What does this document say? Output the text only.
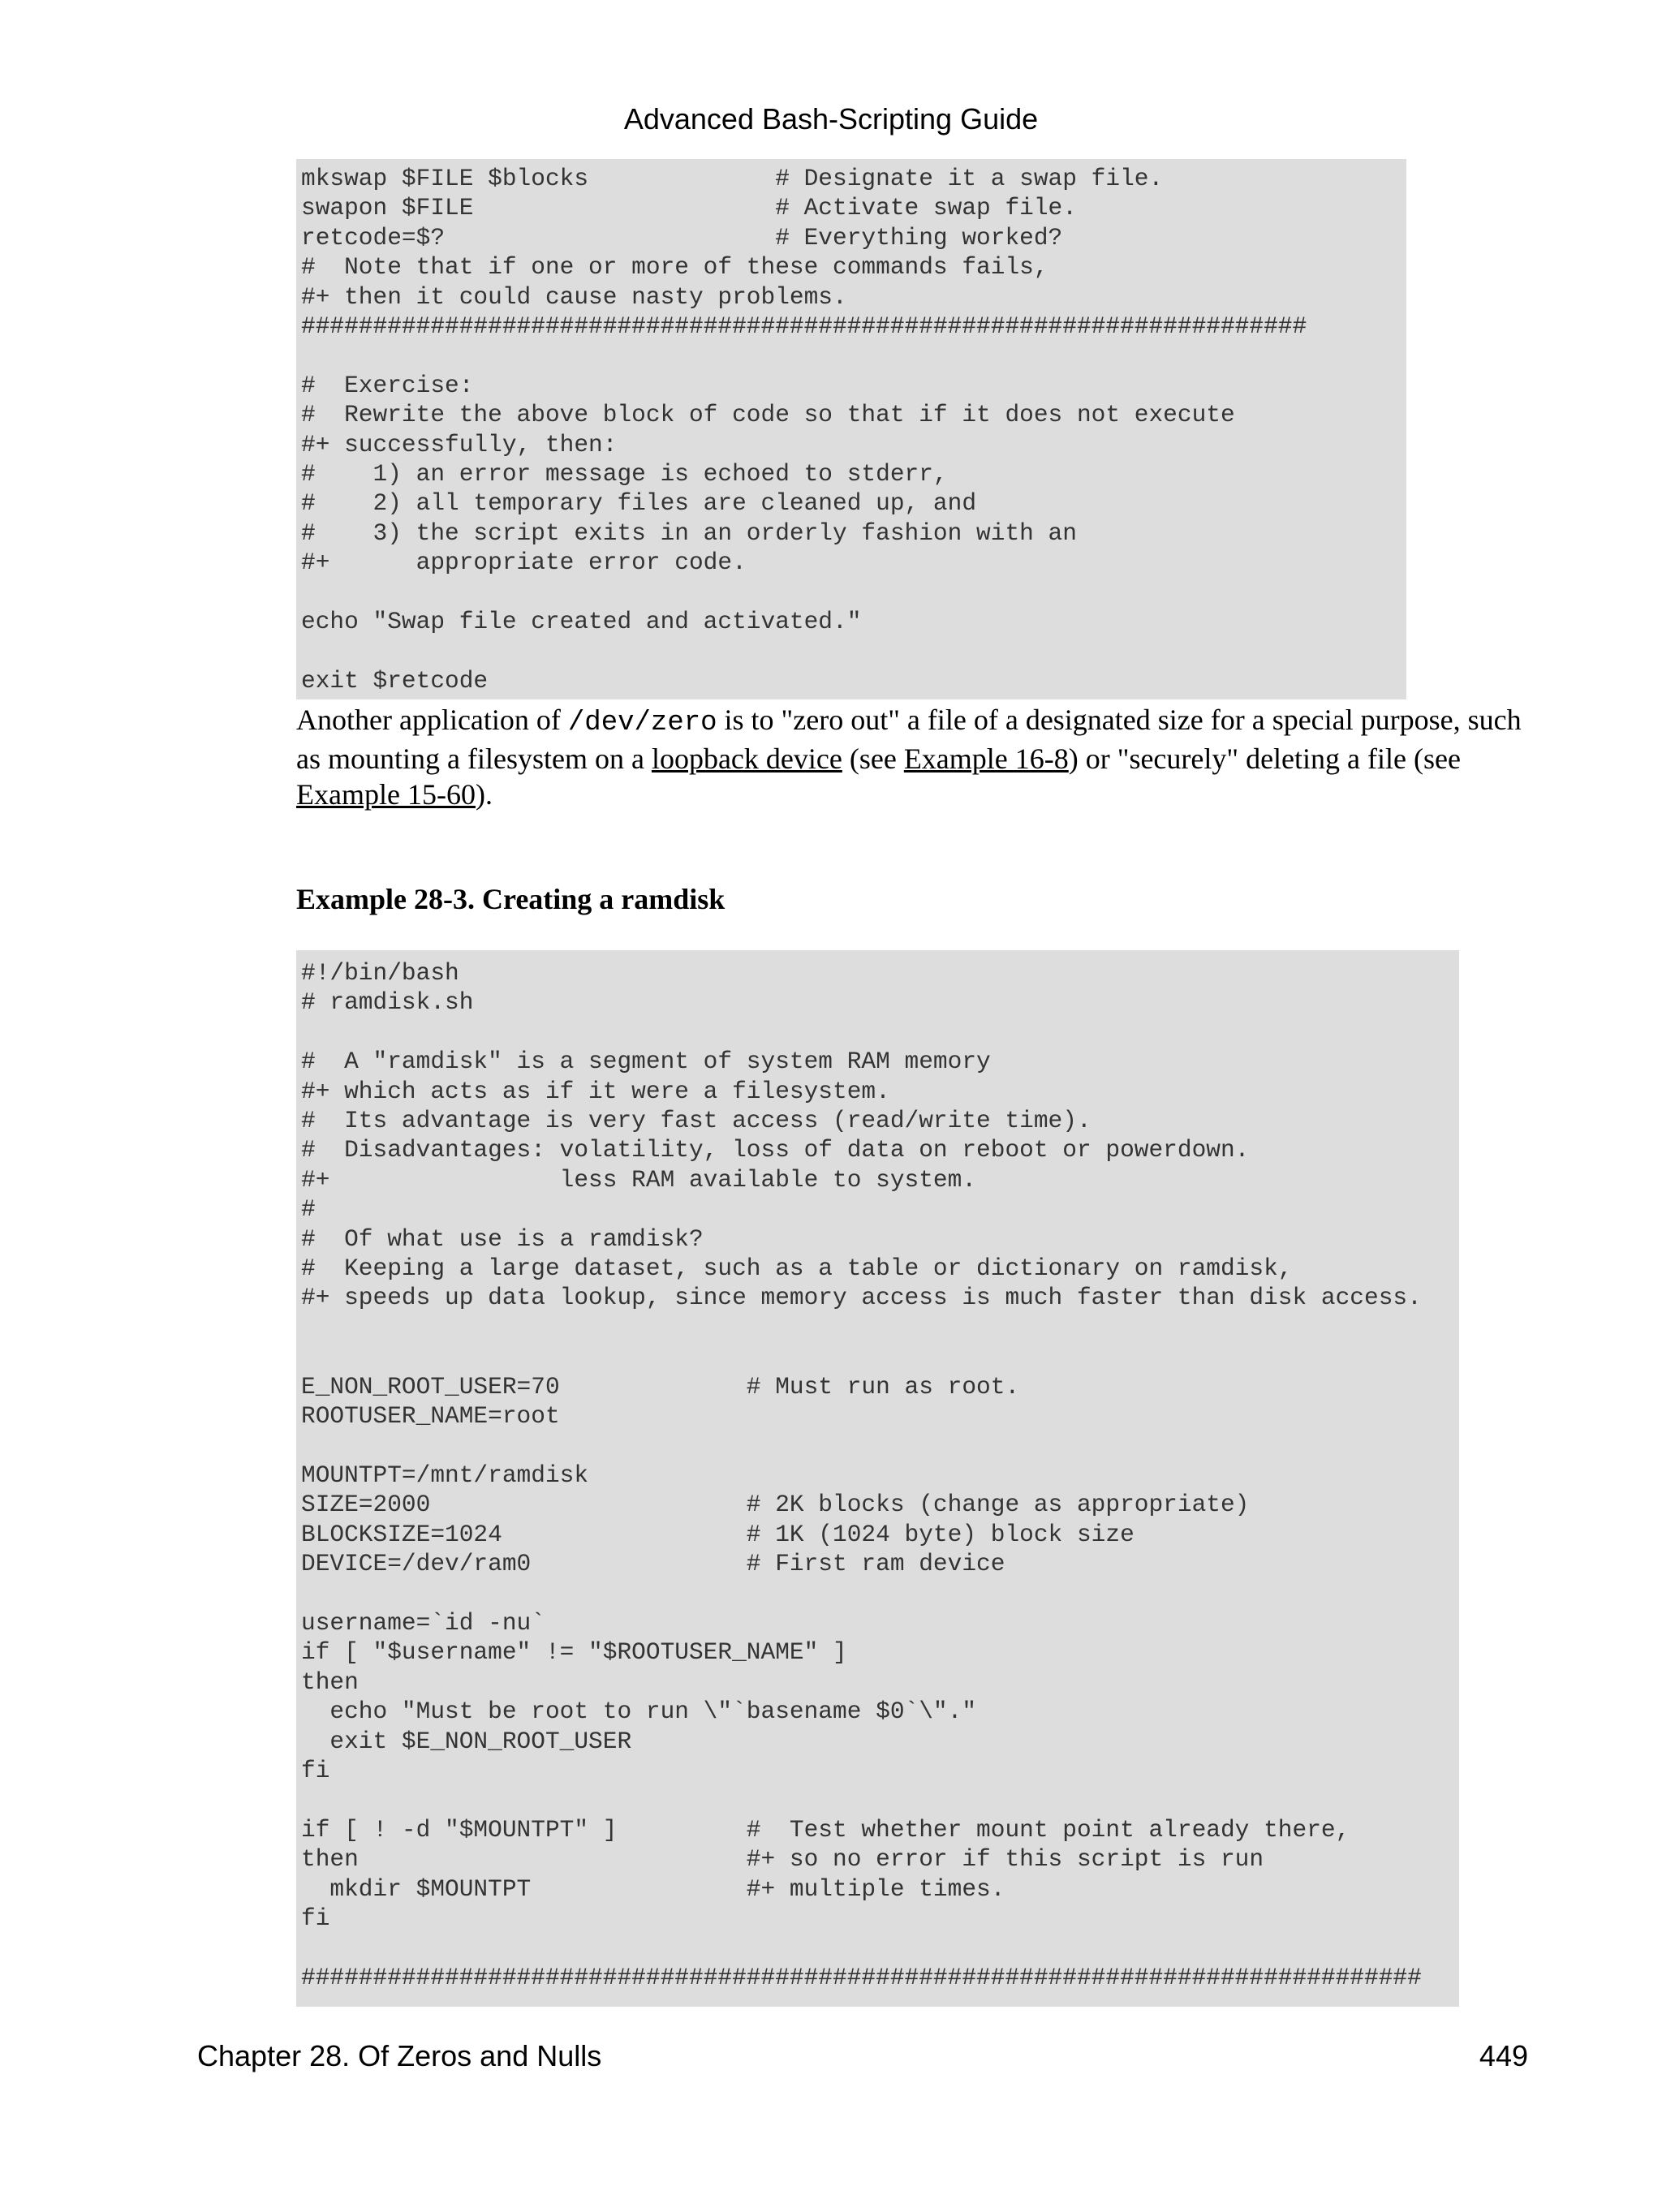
Advanced Bash-Scripting Guide
mkswap $FILE $blocks             # Designate it a swap file.
swapon $FILE                     # Activate swap file.
retcode=$?                       # Everything worked?
#  Note that if one or more of these commands fails,
#+ then it could cause nasty problems.
######################################################################

#  Exercise:
#  Rewrite the above block of code so that if it does not execute
#+ successfully, then:
#    1) an error message is echoed to stderr,
#    2) all temporary files are cleaned up, and
#    3) the script exits in an orderly fashion with an
#+      appropriate error code.

echo "Swap file created and activated."

exit $retcode
Another application of /dev/zero is to "zero out" a file of a designated size for a special purpose, such as mounting a filesystem on a loopback device (see Example 16-8) or "securely" deleting a file (see Example 15-60).
Example 28-3. Creating a ramdisk
#!/bin/bash
# ramdisk.sh

#  A "ramdisk" is a segment of system RAM memory
#+ which acts as if it were a filesystem.
#  Its advantage is very fast access (read/write time).
#  Disadvantages: volatility, loss of data on reboot or powerdown.
#+                less RAM available to system.
#
#  Of what use is a ramdisk?
#  Keeping a large dataset, such as a table or dictionary on ramdisk,
#+ speeds up data lookup, since memory access is much faster than disk access.

E_NON_ROOT_USER=70             # Must run as root.
ROOTUSER_NAME=root

MOUNTPT=/mnt/ramdisk
SIZE=2000                      # 2K blocks (change as appropriate)
BLOCKSIZE=1024                 # 1K (1024 byte) block size
DEVICE=/dev/ram0               # First ram device

username=`id -nu`
if [ "$username" != "$ROOTUSER_NAME" ]
then
echo "Must be root to run \"`basename $0`\"."
exit $E_NON_ROOT_USER
fi

if [ ! -d "$MOUNTPT" ]         #  Test whether mount point already there,
then                           #+ so no error if this script is run
mkdir $MOUNTPT               #+ multiple times.
fi

##############################################################################
Chapter 28. Of Zeros and Nulls	449
